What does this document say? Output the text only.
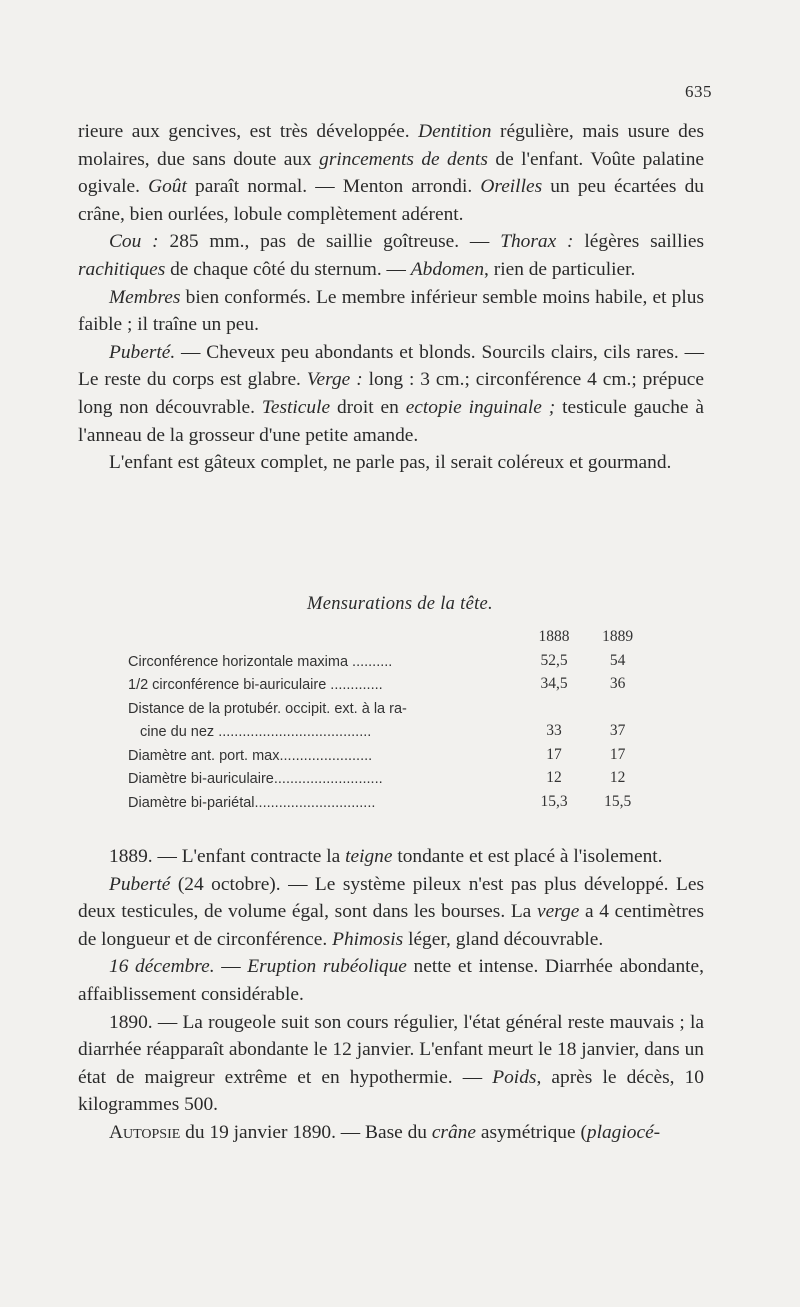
635

rieure aux gencives, est très développée. Dentition régulière, mais usure des molaires, due sans doute aux grincements de dents de l'enfant. Voûte palatine ogivale. Goût paraît normal. — Menton arrondi. Oreilles un peu écartées du crâne, bien ourlées, lobule complètement adérent.

Cou : 285 mm., pas de saillie goîtreuse. — Thorax : légères saillies rachitiques de chaque côté du sternum. — Abdomen, rien de particulier.

Membres bien conformés. Le membre inférieur semble moins habile, et plus faible ; il traîne un peu.

Puberté. — Cheveux peu abondants et blonds. Sourcils clairs, cils rares. — Le reste du corps est glabre. Verge : long : 3 cm.; circonférence 4 cm.; prépuce long non découvrable. Testicule droit en ectopie inguinale ; testicule gauche à l'anneau de la grosseur d'une petite amande.

L'enfant est gâteux complet, ne parle pas, il serait coléreux et gourmand.

Mensurations de la tête.
	1888	1889
Circonférence horizontale maxima ..........	52,5	54
1/2 circonférence bi-auriculaire .............	34,5	36
Distance de la protubér. occipit. ext. à la ra-		
cine du nez ......................................	33	37
Diamètre ant. port. max.......................	17	17
Diamètre bi-auriculaire...........................	12	12
Diamètre bi-pariétal..............................	15,3	15,5

1889. — L'enfant contracte la teigne tondante et est placé à l'isolement.

Puberté (24 octobre). — Le système pileux n'est pas plus développé. Les deux testicules, de volume égal, sont dans les bourses. La verge a 4 centimètres de longueur et de circonférence. Phimosis léger, gland découvrable.

16 décembre. — Eruption rubéolique nette et intense. Diarrhée abondante, affaiblissement considérable.

1890. — La rougeole suit son cours régulier, l'état général reste mauvais ; la diarrhée réapparaît abondante le 12 janvier. L'enfant meurt le 18 janvier, dans un état de maigreur extrême et en hypothermie. — Poids, après le décès, 10 kilogrammes 500.

Autopsie du 19 janvier 1890. — Base du crâne asymétrique (plagiocé-
